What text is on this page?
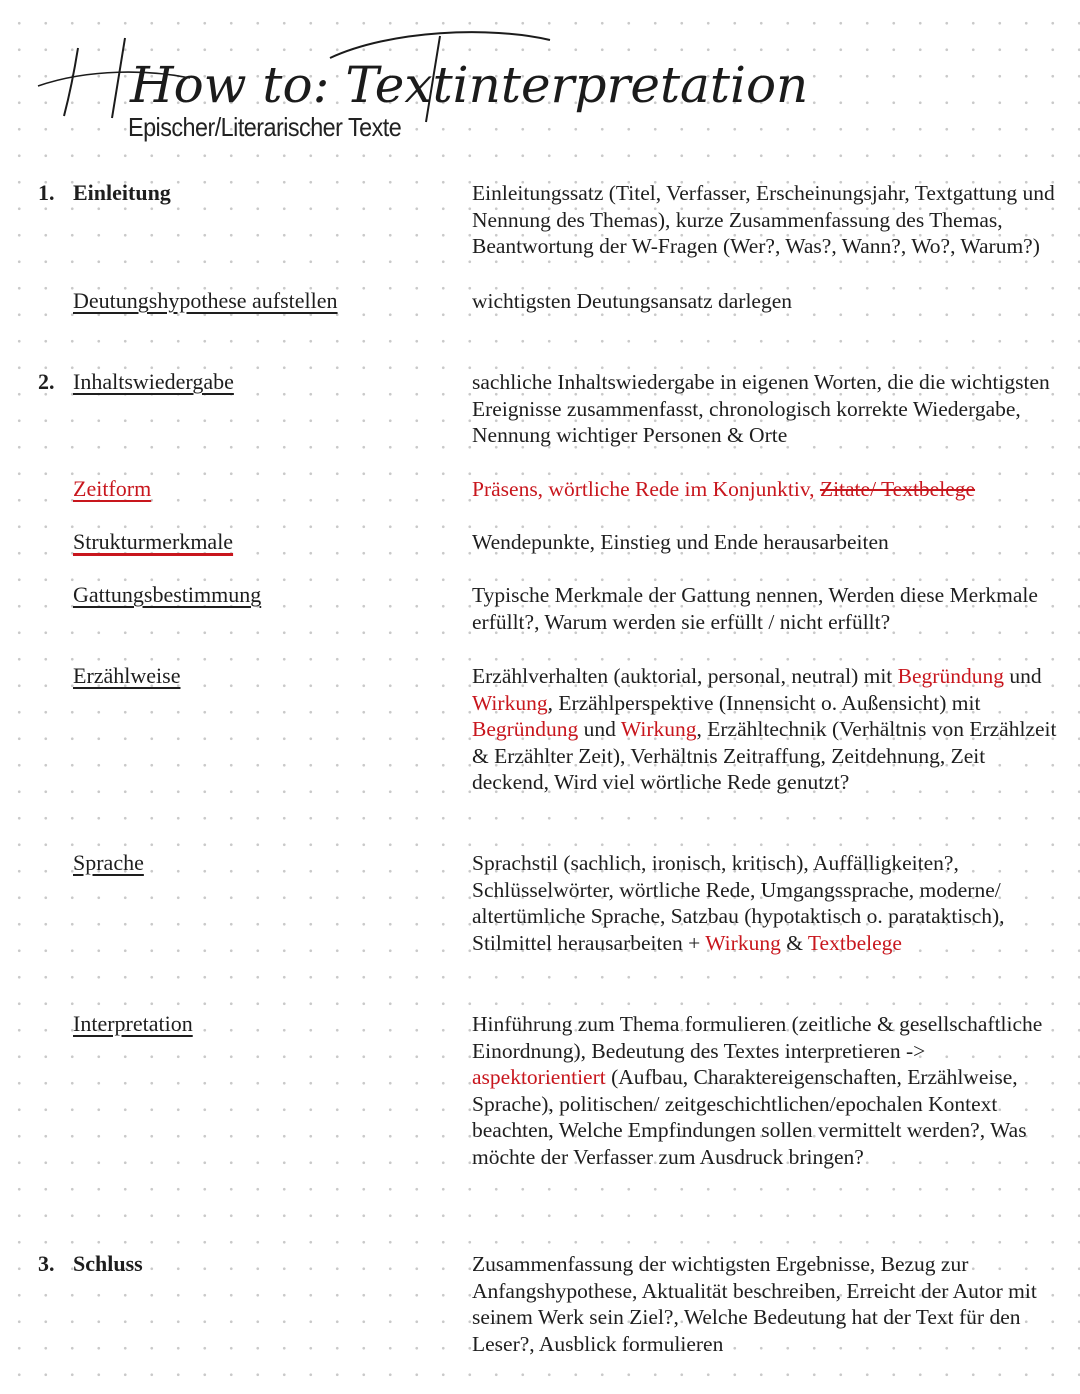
How to: Textinterpretation
Epischer/Literarischer Texte
1. Einleitung	Einleitungssatz (Titel, Verfasser, Erscheinungsjahr, Textgattung und Nennung des Themas), kurze Zusammenfassung des Themas, Beantwortung der W-Fragen (Wer?, Was?, Wann?, Wo?, Warum?)
Deutungshypothese aufstellen	wichtigsten Deutungsansatz darlegen
2. Inhaltswiedergabe	sachliche Inhaltswiedergabe in eigenen Worten, die die wichtigsten Ereignisse zusammenfasst, chronologisch korrekte Wiedergabe, Nennung wichtiger Personen & Orte
Zeitform	Präsens, wörtliche Rede im Konjunktiv, Zitate/ Textbelege
Strukturmerkmale	Wendepunkte, Einstieg und Ende herausarbeiten
Gattungsbestimmung	Typische Merkmale der Gattung nennen, Werden diese Merkmale erfüllt?, Warum werden sie erfüllt / nicht erfüllt?
Erzählweise	Erzählverhalten (auktorial, personal, neutral) mit Begründung und Wirkung, Erzählperspektive (Innensicht o. Außensicht) mit Begründung und Wirkung, Erzähltechnik (Verhältnis von Erzählzeit & Erzählter Zeit), Verhältnis Zeitraffung, Zeitdehnung, Zeit deckend, Wird viel wörtliche Rede genutzt?
Sprache	Sprachstil (sachlich, ironisch, kritisch), Auffälligkeiten?, Schlüsselwörter, wörtliche Rede, Umgangssprache, moderne/ altertümliche Sprache, Satzbau (hypotaktisch o. parataktisch), Stilmittel herausarbeiten + Wirkung & Textbelege
Interpretation	Hinführung zum Thema formulieren (zeitliche & gesellschaftliche Einordnung), Bedeutung des Textes interpretieren -> aspektorientiert (Aufbau, Charaktereigenschaften, Erzählweise, Sprache), politischen/ zeitgeschichtlichen/epochalen Kontext beachten, Welche Empfindungen sollen vermittelt werden?, Was möchte der Verfasser zum Ausdruck bringen?
3. Schluss	Zusammenfassung der wichtigsten Ergebnisse, Bezug zur Anfangshypothese, Aktualität beschreiben, Erreicht der Autor mit seinem Werk sein Ziel?, Welche Bedeutung hat der Text für den Leser?, Ausblick formulieren
